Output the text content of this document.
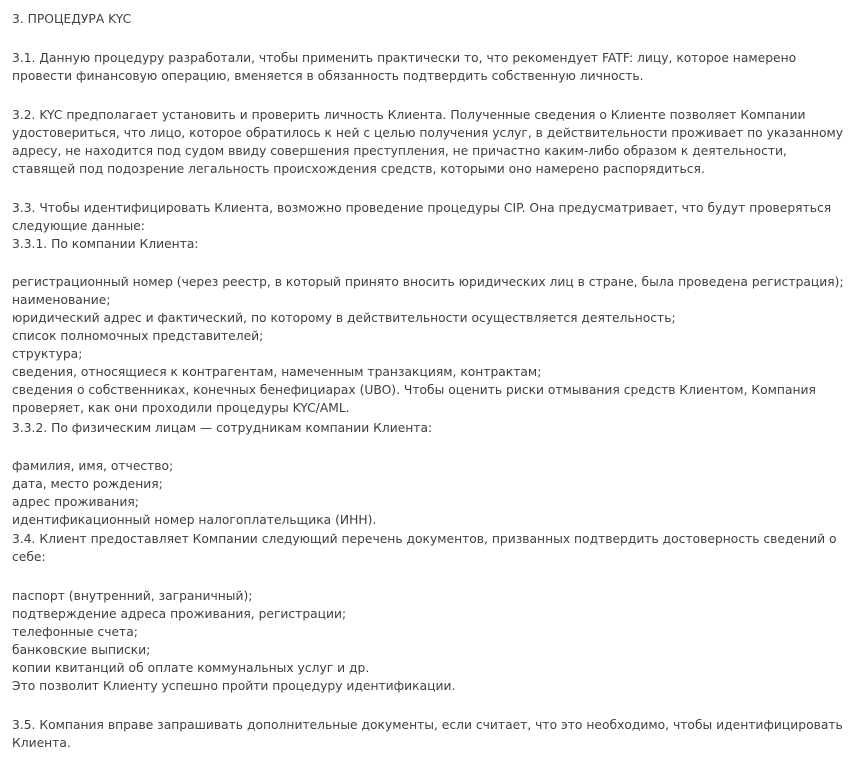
3. ПРОЦЕДУРА KYC

3.1. Данную процедуру разработали, чтобы применить практически то, что рекомендует FATF: лицу, которое намерено

провести финансовую операцию, вменяется в обязанность подтвердить собственную личность.

3.2. KYC предполагает установить и проверить личность Клиента. Полученные сведения о Клиенте позволяет Компании

удостовериться, что лицо, которое обратилось к ней с целью получения услуг, в действительности проживает по указанному

адресу, не находится под судом ввиду совершения преступления, не причастно каким-либо образом к деятельности,

ставящей под подозрение легальность происхождения средств, которыми оно намерено распорядиться.

3.3. Чтобы идентифицировать Клиента, возможно проведение процедуры CIP. Она предусматривает, что будут проверяться

следующие данные:

3.3.1. По компании Клиента:

регистрационный номер (через реестр, в который принято вносить юридических лиц в стране, была проведена регистрация);

наименование;

юридический адрес и фактический, по которому в действительности осуществляется деятельность;

список полномочных представителей;

структура;

сведения, относящиеся к контрагентам, намеченным транзакциям, контрактам;

сведения о собственниках, конечных бенефициарах (UBO). Чтобы оценить риски отмывания средств Клиентом, Компания

проверяет, как они проходили процедуры KYC/AML.

3.3.2. По физическим лицам — сотрудникам компании Клиента:

фамилия, имя, отчество;

дата, место рождения;

адрес проживания;

идентификационный номер налогоплательщика (ИНН).

3.4. Клиент предоставляет Компании следующий перечень документов, призванных подтвердить достоверность сведений о

себе:

паспорт (внутренний, заграничный);

подтверждение адреса проживания, регистрации;

телефонные счета;

банковские выписки;

копии квитанций об оплате коммунальных услуг и др.

Это позволит Клиенту успешно пройти процедуру идентификации.

3.5. Компания вправе запрашивать дополнительные документы, если считает, что это необходимо, чтобы идентифицировать

Клиента.
